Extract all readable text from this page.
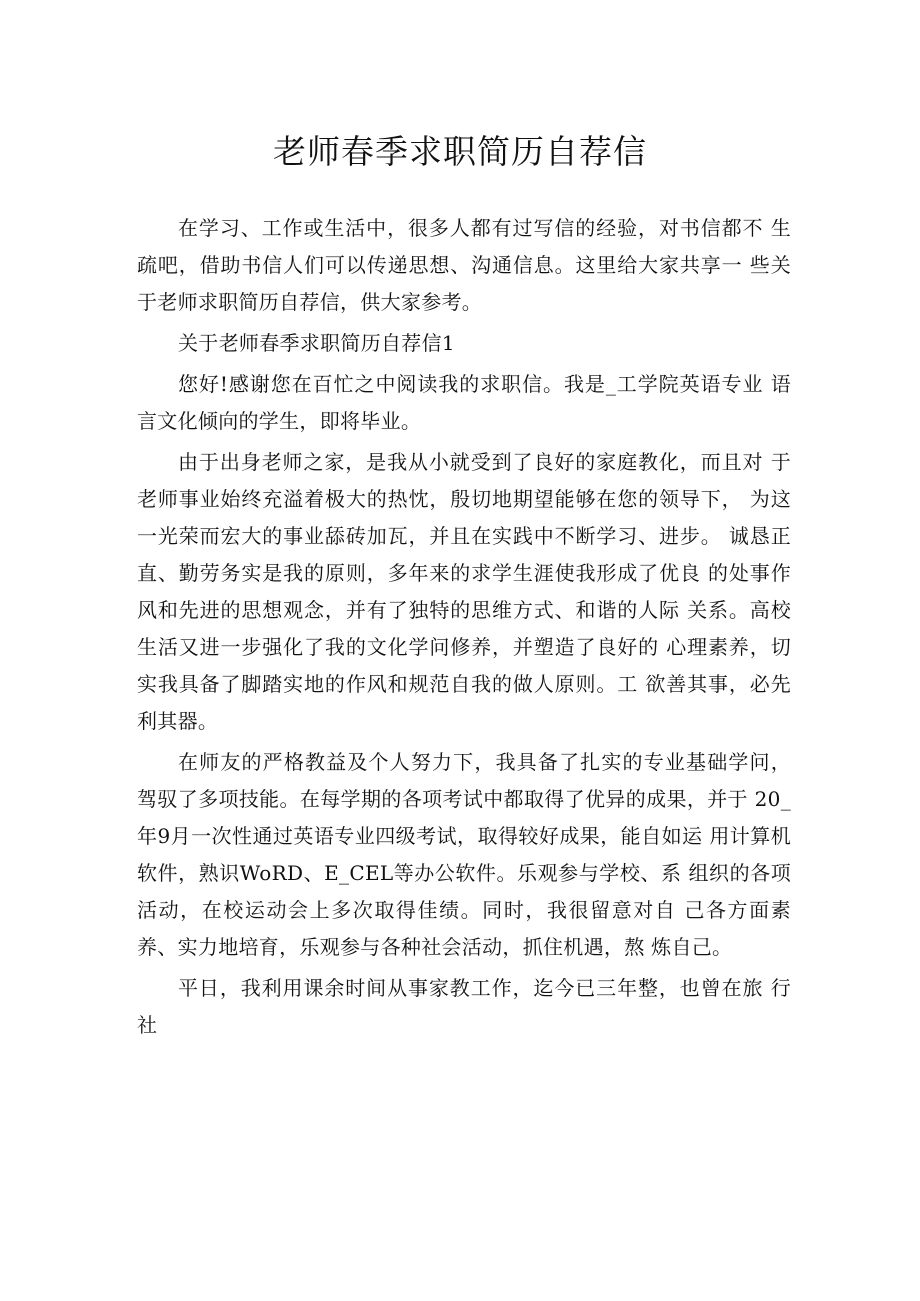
老师春季求职简历自荐信

在学习、工作或生活中，很多人都有过写信的经验，对书信都不 生疏吧，借助书信人们可以传递思想、沟通信息。这里给大家共享一 些关于老师求职简历自荐信，供大家参考。

关于老师春季求职简历自荐信1

您好!感谢您在百忙之中阅读我的求职信。我是_工学院英语专业 语言文化倾向的学生，即将毕业。

由于出身老师之家，是我从小就受到了良好的家庭教化，而且对 于老师事业始终充溢着极大的热忱，殷切地期望能够在您的领导下， 为这一光荣而宏大的事业舔砖加瓦，并且在实践中不断学习、进步。 诚恳正直、勤劳务实是我的原则，多年来的求学生涯使我形成了优良 的处事作风和先进的思想观念，并有了独特的思维方式、和谐的人际 关系。高校生活又进一步强化了我的文化学问修养，并塑造了良好的 心理素养，切实我具备了脚踏实地的作风和规范自我的做人原则。工 欲善其事，必先利其器。

在师友的严格教益及个人努力下，我具备了扎实的专业基础学问， 驾驭了多项技能。在每学期的各项考试中都取得了优异的成果，并于 20_年9月一次性通过英语专业四级考试，取得较好成果，能自如运 用计算机软件，熟识WoRD、E_CEL等办公软件。乐观参与学校、系 组织的各项活动，在校运动会上多次取得佳绩。同时，我很留意对自 己各方面素养、实力地培育，乐观参与各种社会活动，抓住机遇，熬 炼自己。

平日，我利用课余时间从事家教工作，迄今已三年整，也曾在旅 行社
